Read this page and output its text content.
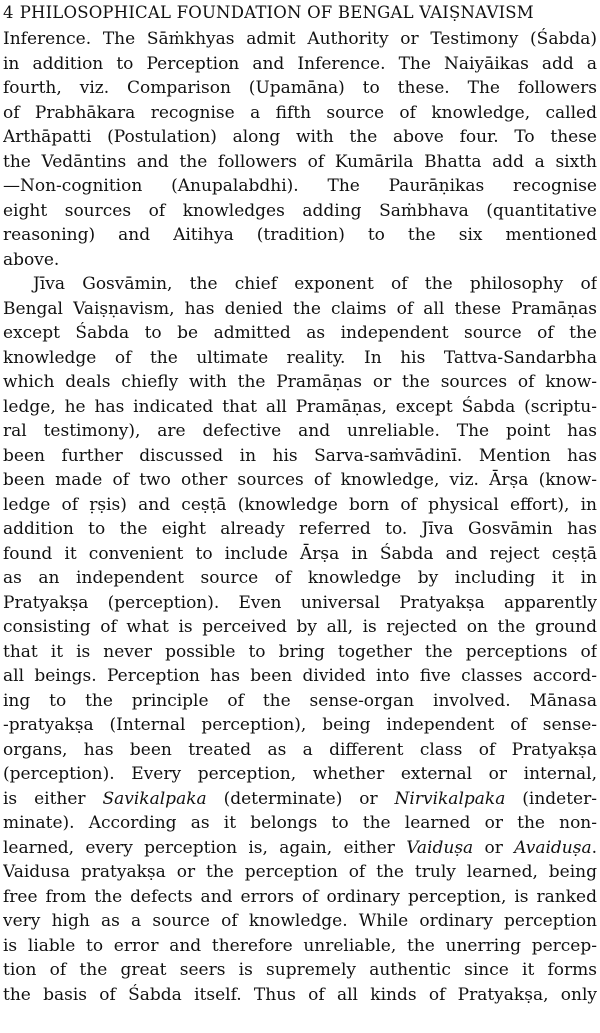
4 PHILOSOPHICAL FOUNDATION OF BENGAL VAIṢNAVISM
Inference. The Sāṁkhyas admit Authority or Testimony (Śabda)
in addition to Perception and Inference. The Naiyāikas add a
fourth, viz. Comparison (Upamāna) to these. The followers
of Prabhākara recognise a fifth source of knowledge, called
Arthāpatti (Postulation) along with the above four. To these
the Vedāntins and the followers of Kumārila Bhatta add a sixth
—Non-cognition (Anupalabdhi). The Paurāṇikas recognise
eight sources of knowledges adding Saṁbhava (quantitative
reasoning) and Aitihya (tradition) to the six mentioned
above.
Jīva Gosvāmin, the chief exponent of the philosophy of
Bengal Vaiṣṇavism, has denied the claims of all these Pramāṇas
except Śabda to be admitted as independent source of the
knowledge of the ultimate reality. In his Tattva-Sandarbha
which deals chiefly with the Pramāṇas or the sources of know-
ledge, he has indicated that all Pramāṇas, except Śabda (scriptu-
ral testimony), are defective and unreliable. The point has
been further discussed in his Sarva-saṁvādinī. Mention has
been made of two other sources of knowledge, viz. Ārṣa (know-
ledge of ṛṣis) and ceṣṭā (knowledge born of physical effort), in
addition to the eight already referred to. Jīva Gosvāmin has
found it convenient to include Ārṣa in Śabda and reject ceṣṭā
as an independent source of knowledge by including it in
Pratyakṣa (perception). Even universal Pratyakṣa apparently
consisting of what is perceived by all, is rejected on the ground
that it is never possible to bring together the perceptions of
all beings. Perception has been divided into five classes accord-
ing to the principle of the sense-organ involved. Mānasa
-pratyakṣa (Internal perception), being independent of sense-
organs, has been treated as a different class of Pratyakṣa
(perception). Every perception, whether external or internal,
is either Savikalpaka (determinate) or Nirvikalpaka (indeter-
minate). According as it belongs to the learned or the non-
learned, every perception is, again, either Vaiduṣa or Avaiduṣa.
Vaidusa pratyakṣa or the perception of the truly learned, being
free from the defects and errors of ordinary perception, is ranked
very high as a source of knowledge. While ordinary perception
is liable to error and therefore unreliable, the unerring percep-
tion of the great seers is supremely authentic since it forms
the basis of Śabda itself. Thus of all kinds of Pratyakṣa, only
